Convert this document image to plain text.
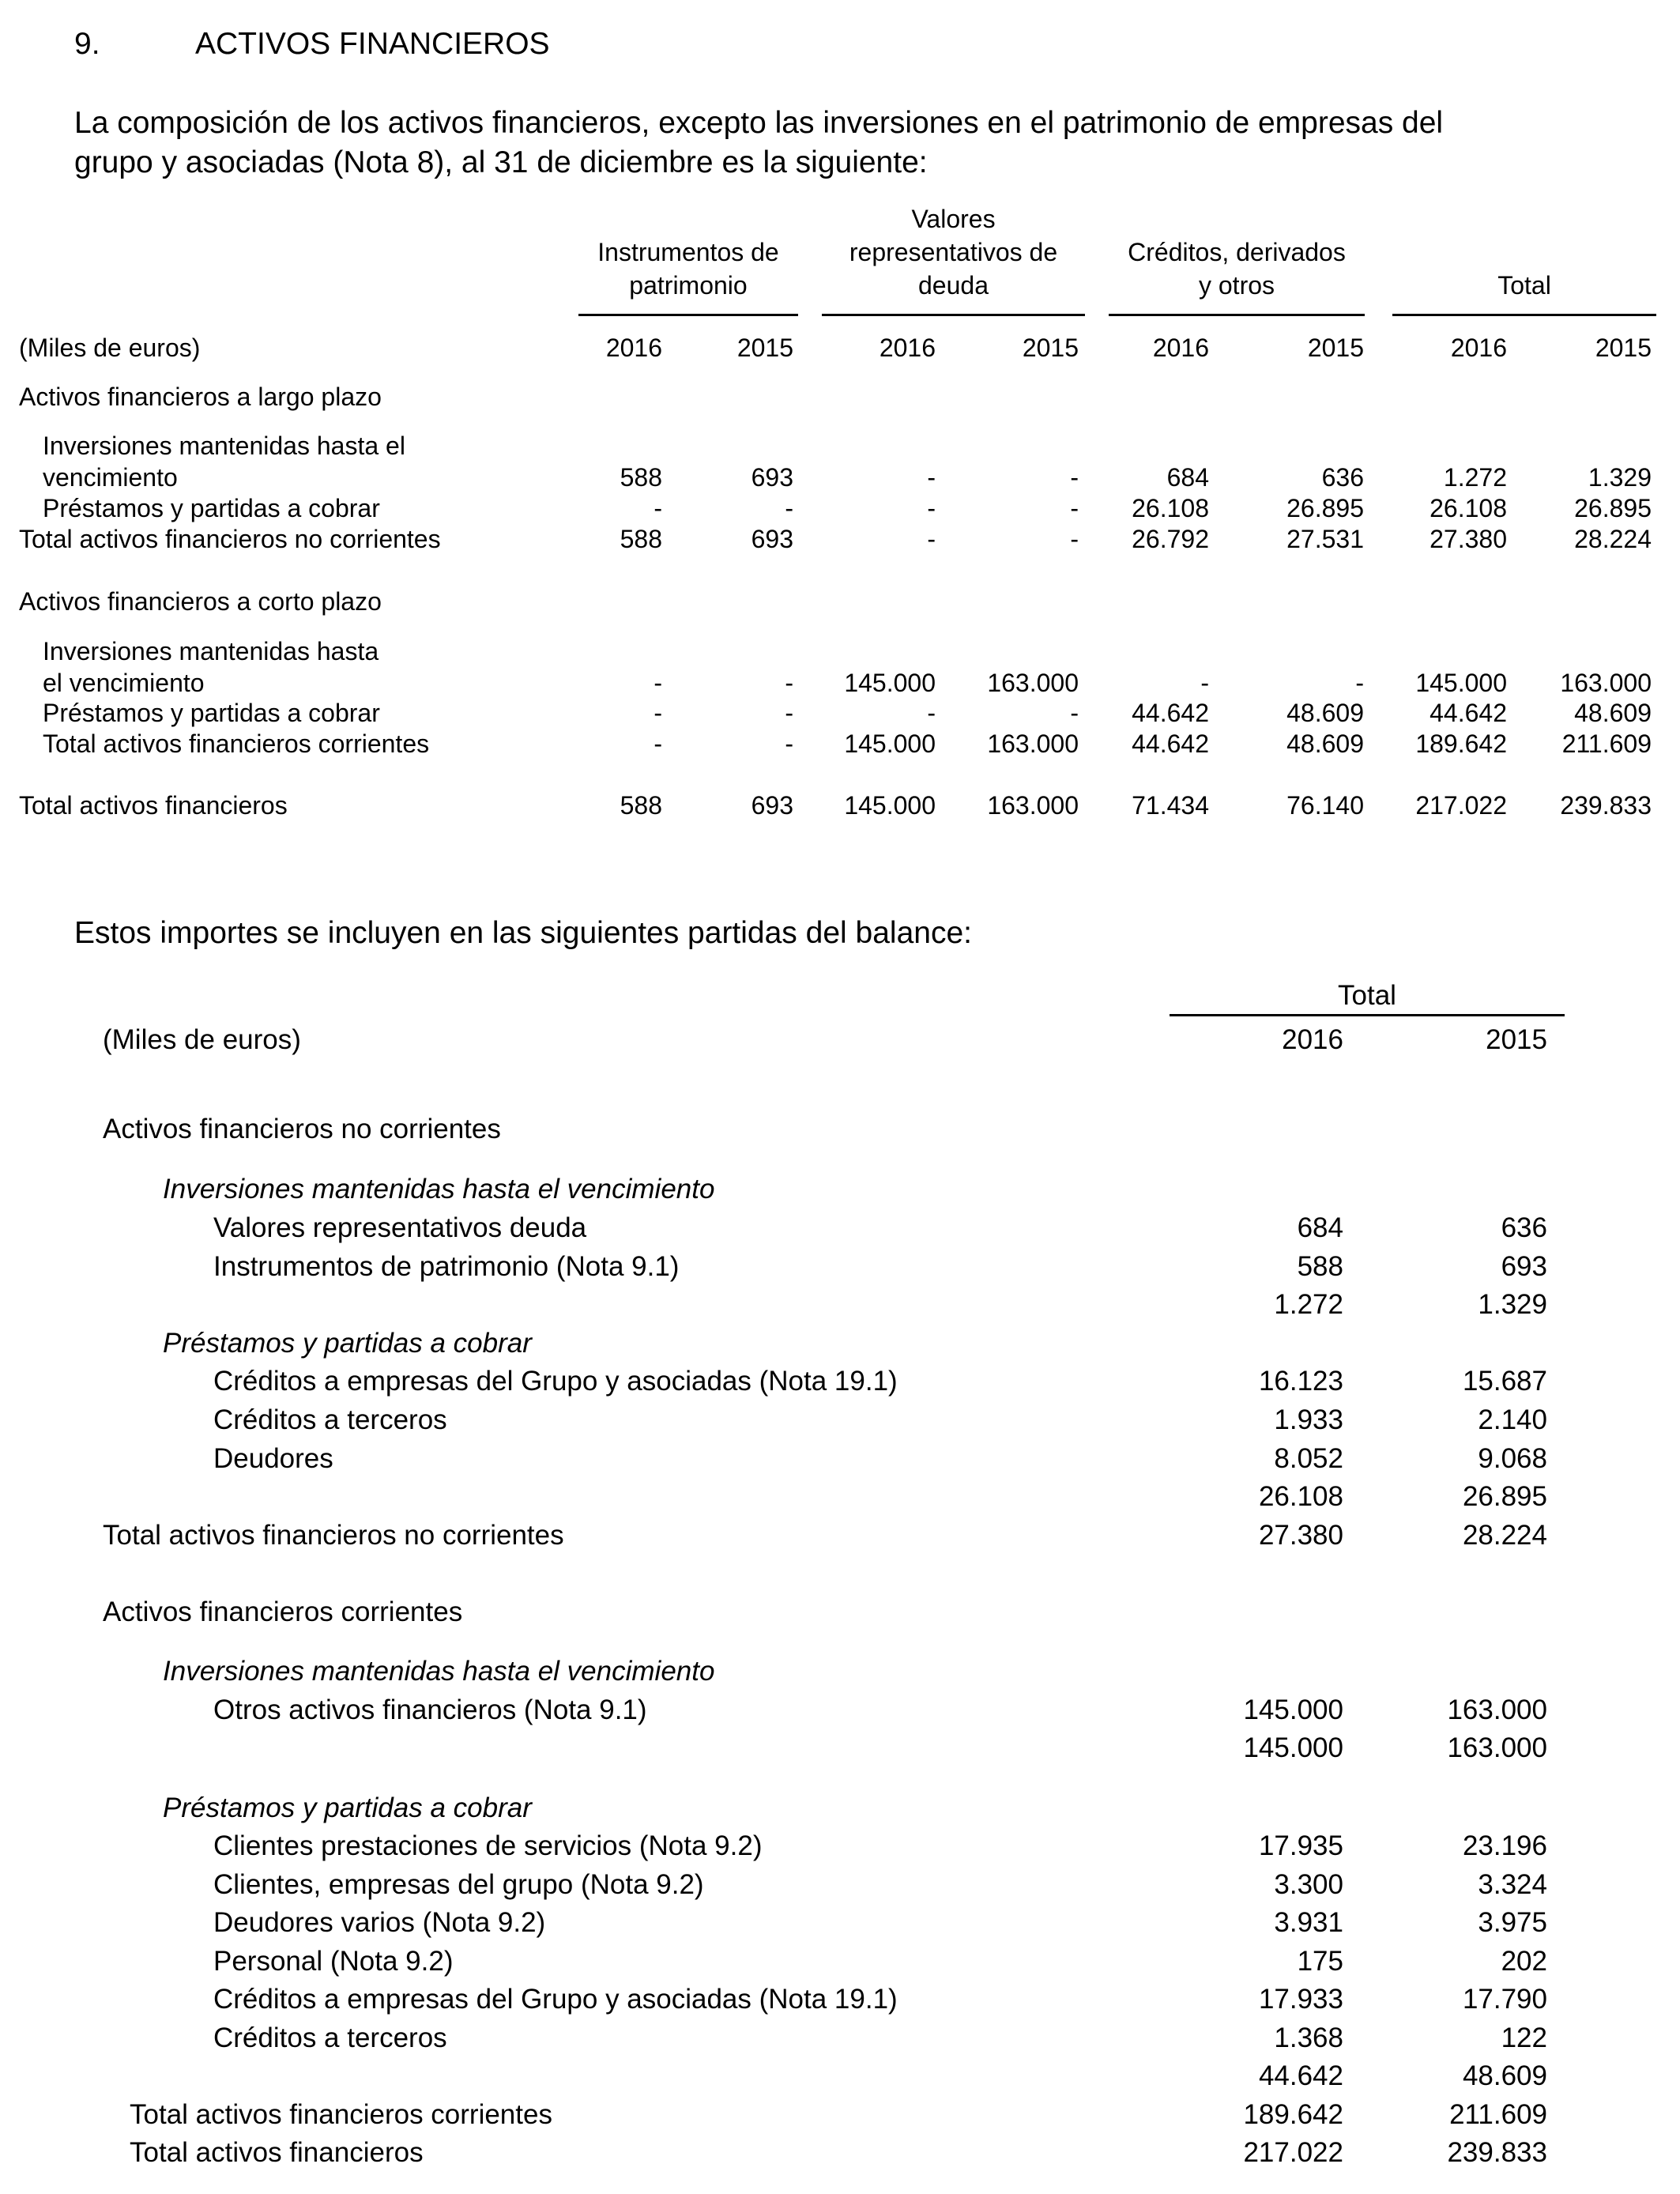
9.	ACTIVOS FINANCIEROS
La composición de los activos financieros, excepto las inversiones en el patrimonio de empresas del
grupo y asociadas (Nota 8), al 31 de diciembre es la siguiente:
Instrumentos de
patrimonio
Valores
representativos de
deuda
Créditos, derivados
y otros	Total
(Miles de euros)	2016	2015	2016	2015	2016	2015	2016	2015
Activos financieros a largo plazo
Inversiones mantenidas hasta el
vencimiento	588	693	-	-	684	636	1.272	1.329
Préstamos y partidas a cobrar	-	-	-	-	26.108	26.895	26.108	26.895
Total activos financieros no corrientes	588	693	-	-	26.792	27.531	27.380	28.224
Activos financieros a corto plazo
Inversiones mantenidas hasta
el vencimiento	-	-	145.000	163.000	-	-	145.000	163.000
Préstamos y partidas a cobrar	-	-	-	-	44.642	48.609	44.642	48.609
Total activos financieros corrientes	-	-	145.000	163.000	44.642	48.609	189.642	211.609
Total activos financieros	588	693	145.000	163.000	71.434	76.140	217.022	239.833
Estos importes se incluyen en las siguientes partidas del balance:
Total
(Miles de euros)	2016	2015
Activos financieros no corrientes
Inversiones mantenidas hasta el vencimiento
Valores representativos deuda	684	636
Instrumentos de patrimonio (Nota 9.1)	588	693
1.272	1.329
Préstamos y partidas a cobrar
Créditos a empresas del Grupo y asociadas (Nota 19.1)	16.123	15.687
Créditos a terceros	1.933	2.140
Deudores	8.052	9.068
26.108	26.895
Total activos financieros no corrientes	27.380	28.224
Activos financieros corrientes
Inversiones mantenidas hasta el vencimiento
Otros activos financieros (Nota 9.1)	145.000	163.000
145.000	163.000
Préstamos y partidas a cobrar
Clientes prestaciones de servicios (Nota 9.2)	17.935	23.196
Clientes, empresas del grupo (Nota 9.2)	3.300	3.324
Deudores varios (Nota 9.2)	3.931	3.975
Personal (Nota 9.2)	175	202
Créditos a empresas del Grupo y asociadas (Nota 19.1)	17.933	17.790
Créditos a terceros	1.368	122
44.642	48.609
Total activos financieros corrientes	189.642	211.609
Total activos financieros	217.022	239.833
